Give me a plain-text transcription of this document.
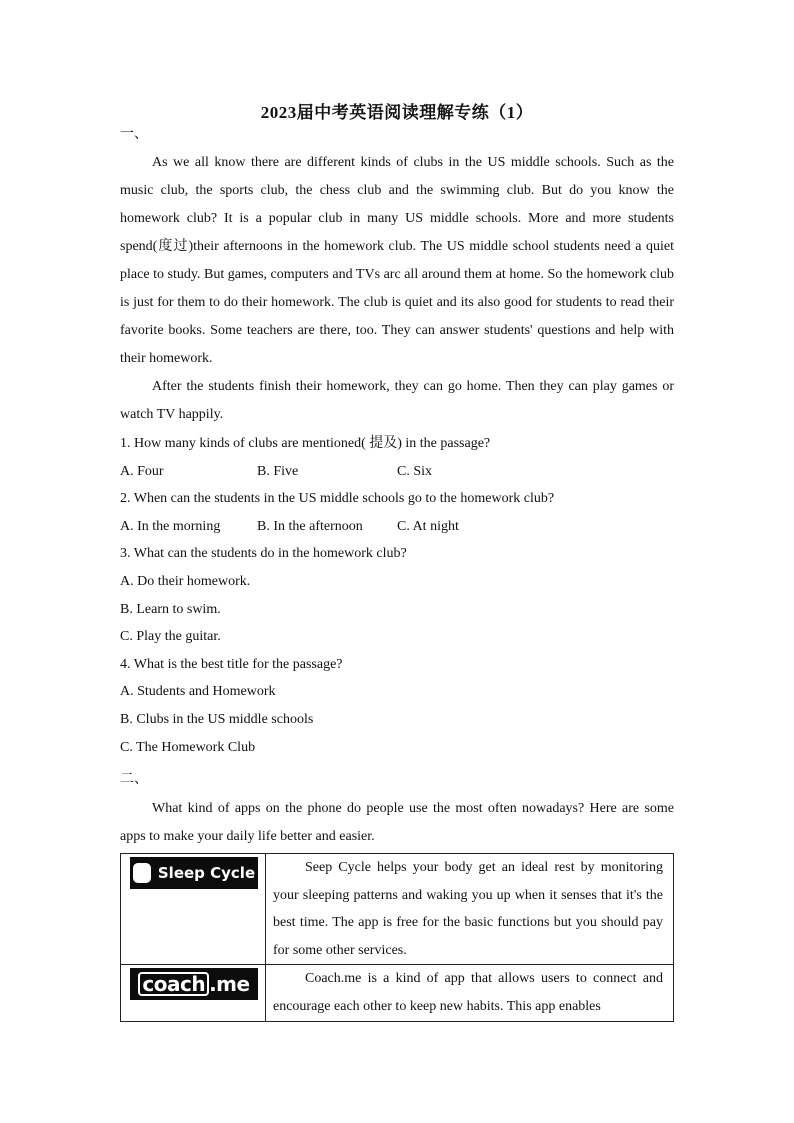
2023届中考英语阅读理解专练（1）
一、

As we all know there are different kinds of clubs in the US middle schools. Such as the music club, the sports club, the chess club and the swimming club. But do you know the homework club? It is a popular club in many US middle schools. More and more students spend(度过)their afternoons in the homework club. The US middle school students need a quiet place to study. But games, computers and TVs arc all around them at home. So the homework club is just for them to do their homework. The club is quiet and its also good for students to read their favorite books. Some teachers are there, too. They can answer students' questions and help with their homework.

After the students finish their homework, they can go home. Then they can play games or watch TV happily.

1. How many kinds of clubs are mentioned( 提及) in the passage?

A. Four	B. Five	C. Six

2. When can the students in the US middle schools go to the homework club?

A. In the morning	B. In the afternoon C. At night

3. What can the students do in the homework club?

A. Do their homework.

B. Learn to swim.

C. Play the guitar.

4. What is the best title for the passage?

A. Students and Homework

B. Clubs in the US middle schools

C. The Homework Club

二、

What kind of apps on the phone do people use the most often nowadays? Here are some apps to make your daily life better and easier.

Sleep Cycle	Seep Cycle helps your body get an ideal rest by monitoring your sleeping patterns and waking you up when it senses that it's the best time. The app is free for the basic functions but you should pay for some other services.

coach .me	Coach.me is a kind of app that allows users to connect and encourage each other to keep new habits. This app enables
